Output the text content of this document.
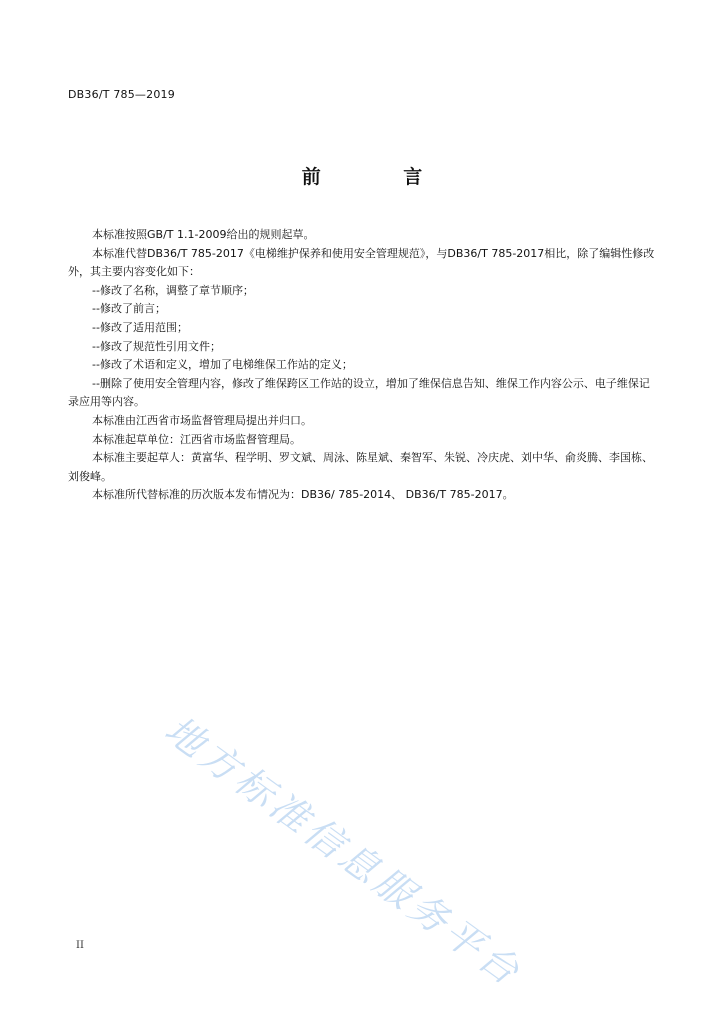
DB36/T 785—2019
前 言

本标准按照GB/T 1.1-2009给出的规则起草。

本标准代替DB36/T 785-2017《电梯维护保养和使用安全管理规范》，与DB36/T 785-2017相比，除了编辑性修改外，其主要内容变化如下：

--修改了名称，调整了章节顺序；

--修改了前言；

--修改了适用范围；

--修改了规范性引用文件；

--修改了术语和定义，增加了电梯维保工作站的定义；

--删除了使用安全管理内容，修改了维保跨区工作站的设立，增加了维保信息告知、维保工作内容公示、电子维保记录应用等内容。

本标准由江西省市场监督管理局提出并归口。

本标准起草单位：江西省市场监督管理局。

本标准主要起草人：黄富华、程学明、罗文斌、周泳、陈星斌、秦智军、朱锐、冷庆虎、刘中华、俞炎腾、李国栋、刘俊峰。

本标准所代替标准的历次版本发布情况为：DB36/ 785-2014、 DB36/T 785-2017。

地方标准信息服务平台
II
